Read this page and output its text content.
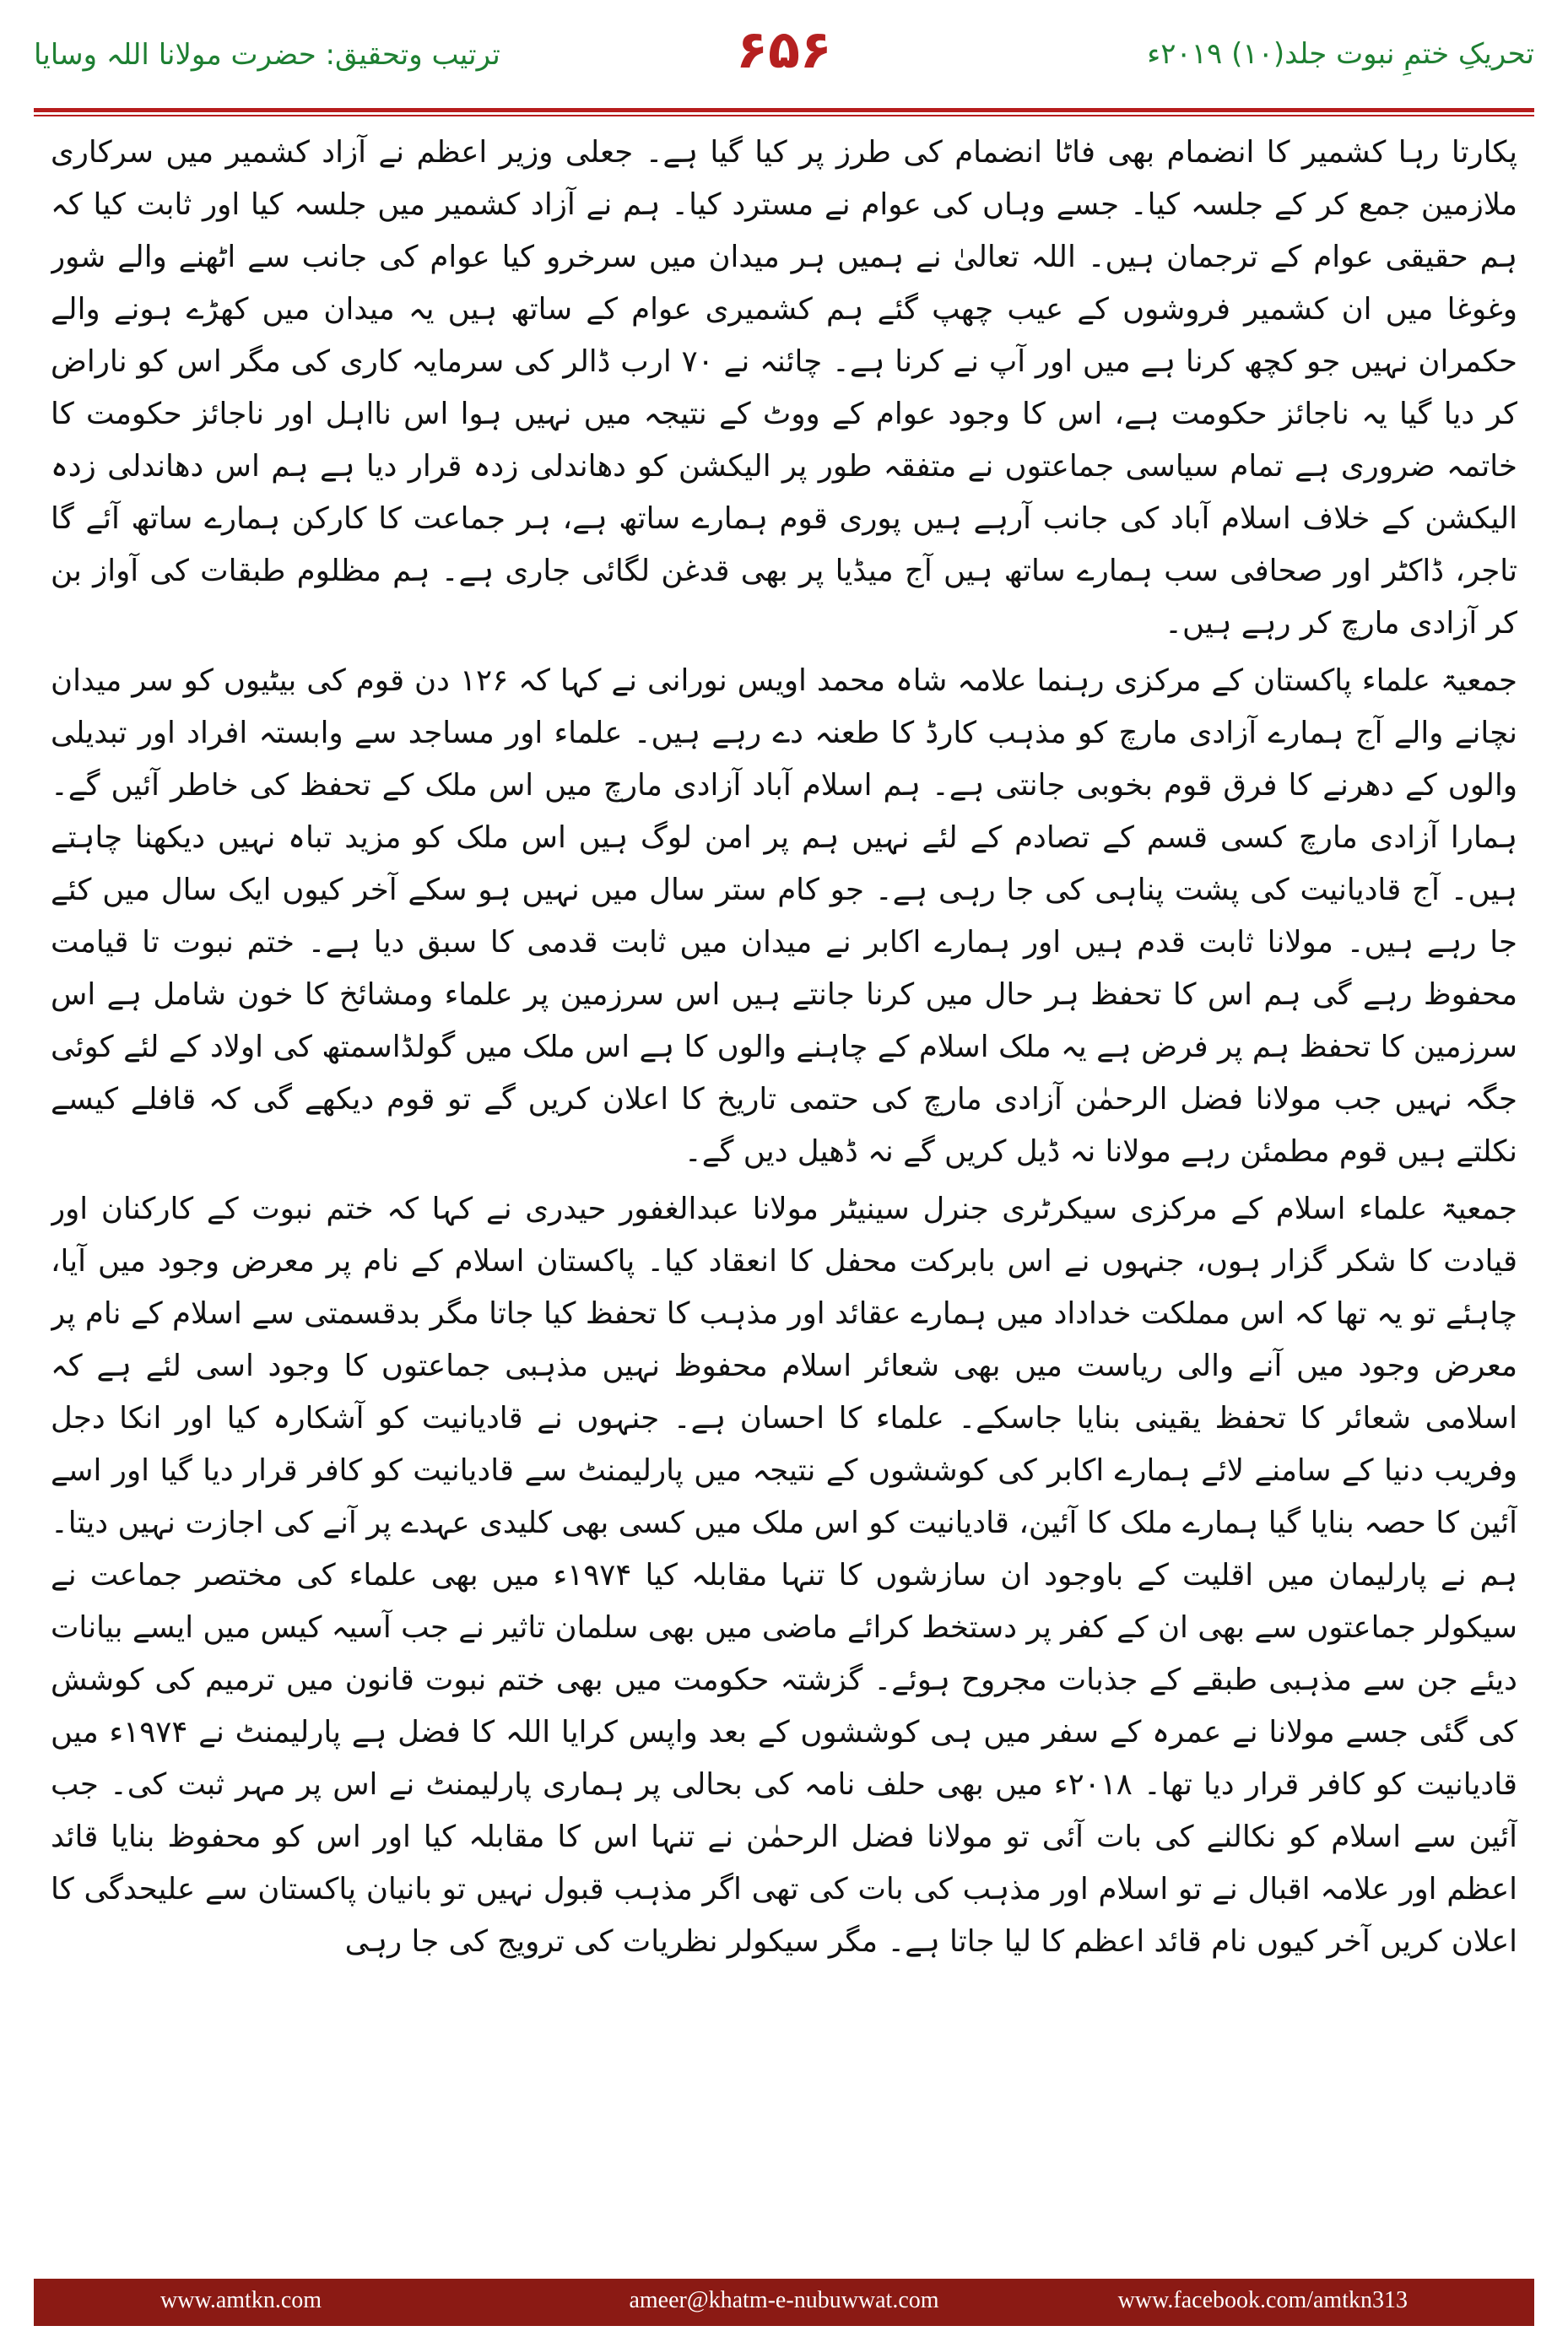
تحریکِ ختمِ نبوت جلد(۱۰) ۲۰۱۹ء
۶۵۶
ترتیب وتحقیق: حضرت مولانا اللہ وسایا

پکارتا رہا کشمیر کا انضمام بھی فاٹا انضمام کی طرز پر کیا گیا ہے۔ جعلی وزیر اعظم نے آزاد کشمیر میں سرکاری ملازمین جمع کر کے جلسہ کیا۔ جسے وہاں کی عوام نے مسترد کیا۔ ہم نے آزاد کشمیر میں جلسہ کیا اور ثابت کیا کہ ہم حقیقی عوام کے ترجمان ہیں۔ اللہ تعالیٰ نے ہمیں ہر میدان میں سرخرو کیا عوام کی جانب سے اٹھنے والے شور وغوغا میں ان کشمیر فروشوں کے عیب چھپ گئے ہم کشمیری عوام کے ساتھ ہیں یہ میدان میں کھڑے ہونے والے حکمران نہیں جو کچھ کرنا ہے میں اور آپ نے کرنا ہے۔ چائنہ نے ۷۰ ارب ڈالر کی سرمایہ کاری کی مگر اس کو ناراض کر دیا گیا یہ ناجائز حکومت ہے، اس کا وجود عوام کے ووٹ کے نتیجہ میں نہیں ہوا اس نااہل اور ناجائز حکومت کا خاتمہ ضروری ہے تمام سیاسی جماعتوں نے متفقہ طور پر الیکشن کو دھاندلی زدہ قرار دیا ہے ہم اس دھاندلی زدہ الیکشن کے خلاف اسلام آباد کی جانب آرہے ہیں پوری قوم ہمارے ساتھ ہے، ہر جماعت کا کارکن ہمارے ساتھ آئے گا تاجر، ڈاکٹر اور صحافی سب ہمارے ساتھ ہیں آج میڈیا پر بھی قدغن لگائی جاری ہے۔ ہم مظلوم طبقات کی آواز بن کر آزادی مارچ کر رہے ہیں۔

جمعیۃ علماء پاکستان کے مرکزی رہنما علامہ شاہ محمد اویس نورانی نے کہا کہ ۱۲۶ دن قوم کی بیٹیوں کو سر میدان نچانے والے آج ہمارے آزادی مارچ کو مذہب کارڈ کا طعنہ دے رہے ہیں۔ علماء اور مساجد سے وابستہ افراد اور تبدیلی والوں کے دھرنے کا فرق قوم بخوبی جانتی ہے۔ ہم اسلام آباد آزادی مارچ میں اس ملک کے تحفظ کی خاطر آئیں گے۔ ہمارا آزادی مارچ کسی قسم کے تصادم کے لئے نہیں ہم پر امن لوگ ہیں اس ملک کو مزید تباہ نہیں دیکھنا چاہتے ہیں۔ آج قادیانیت کی پشت پناہی کی جا رہی ہے۔ جو کام ستر سال میں نہیں ہو سکے آخر کیوں ایک سال میں کئے جا رہے ہیں۔ مولانا ثابت قدم ہیں اور ہمارے اکابر نے میدان میں ثابت قدمی کا سبق دیا ہے۔ ختم نبوت تا قیامت محفوظ رہے گی ہم اس کا تحفظ ہر حال میں کرنا جانتے ہیں اس سرزمین پر علماء ومشائخ کا خون شامل ہے اس سرزمین کا تحفظ ہم پر فرض ہے یہ ملک اسلام کے چاہنے والوں کا ہے اس ملک میں گولڈاسمتھ کی اولاد کے لئے کوئی جگہ نہیں جب مولانا فضل الرحمٰن آزادی مارچ کی حتمی تاریخ کا اعلان کریں گے تو قوم دیکھے گی کہ قافلے کیسے نکلتے ہیں قوم مطمئن رہے مولانا نہ ڈیل کریں گے نہ ڈھیل دیں گے۔

جمعیۃ علماء اسلام کے مرکزی سیکرٹری جنرل سینیٹر مولانا عبدالغفور حیدری نے کہا کہ ختم نبوت کے کارکنان اور قیادت کا شکر گزار ہوں، جنہوں نے اس بابرکت محفل کا انعقاد کیا۔ پاکستان اسلام کے نام پر معرض وجود میں آیا، چاہئے تو یہ تھا کہ اس مملکت خداداد میں ہمارے عقائد اور مذہب کا تحفظ کیا جاتا مگر بدقسمتی سے اسلام کے نام پر معرض وجود میں آنے والی ریاست میں بھی شعائر اسلام محفوظ نہیں مذہبی جماعتوں کا وجود اسی لئے ہے کہ اسلامی شعائر کا تحفظ یقینی بنایا جاسکے۔ علماء کا احسان ہے۔ جنہوں نے قادیانیت کو آشکارہ کیا اور انکا دجل وفریب دنیا کے سامنے لائے ہمارے اکابر کی کوششوں کے نتیجہ میں پارلیمنٹ سے قادیانیت کو کافر قرار دیا گیا اور اسے آئین کا حصہ بنایا گیا ہمارے ملک کا آئین، قادیانیت کو اس ملک میں کسی بھی کلیدی عہدے پر آنے کی اجازت نہیں دیتا۔ ہم نے پارلیمان میں اقلیت کے باوجود ان سازشوں کا تنہا مقابلہ کیا ۱۹۷۴ء میں بھی علماء کی مختصر جماعت نے سیکولر جماعتوں سے بھی ان کے کفر پر دستخط کرائے ماضی میں بھی سلمان تاثیر نے جب آسیہ کیس میں ایسے بیانات دیئے جن سے مذہبی طبقے کے جذبات مجروح ہوئے۔ گزشتہ حکومت میں بھی ختم نبوت قانون میں ترمیم کی کوشش کی گئی جسے مولانا نے عمرہ کے سفر میں ہی کوششوں کے بعد واپس کرایا اللہ کا فضل ہے پارلیمنٹ نے ۱۹۷۴ء میں قادیانیت کو کافر قرار دیا تھا۔ ۲۰۱۸ء میں بھی حلف نامہ کی بحالی پر ہماری پارلیمنٹ نے اس پر مہر ثبت کی۔ جب آئین سے اسلام کو نکالنے کی بات آئی تو مولانا فضل الرحمٰن نے تنہا اس کا مقابلہ کیا اور اس کو محفوظ بنایا قائد اعظم اور علامہ اقبال نے تو اسلام اور مذہب کی بات کی تھی اگر مذہب قبول نہیں تو بانیان پاکستان سے علیحدگی کا اعلان کریں آخر کیوں نام قائد اعظم کا لیا جاتا ہے۔ مگر سیکولر نظریات کی ترویج کی جا رہی

www.amtkn.com	ameer@khatm-e-nubuwwat.com	www.facebook.com/amtkn313
